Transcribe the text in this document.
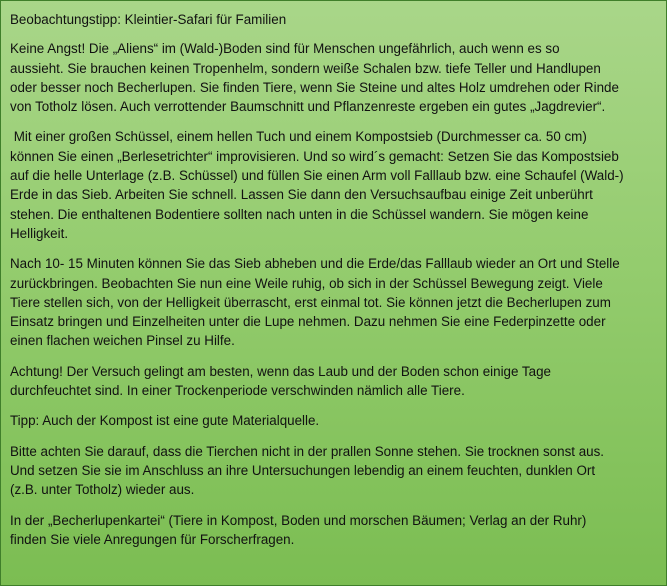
Beobachtungstipp: Kleintier-Safari für Familien
Keine Angst! Die „Aliens“ im (Wald-)Boden sind für Menschen ungefährlich, auch wenn es so
aussieht. Sie brauchen keinen Tropenhelm, sondern weiße Schalen bzw. tiefe Teller und Handlupen
oder besser noch Becherlupen. Sie finden Tiere, wenn Sie Steine und altes Holz umdrehen oder Rinde
von Totholz lösen. Auch verrottender Baumschnitt und Pflanzenreste ergeben ein gutes „Jagdrevier“.
Mit einer großen Schüssel, einem hellen Tuch und einem Kompostsieb (Durchmesser ca. 50 cm)
können Sie einen „Berlesetrichter“ improvisieren. Und so wird´s gemacht: Setzen Sie das Kompostsieb
auf die helle Unterlage (z.B. Schüssel) und füllen Sie einen Arm voll Falllaub bzw. eine Schaufel (Wald-)
Erde in das Sieb. Arbeiten Sie schnell. Lassen Sie dann den Versuchsaufbau einige Zeit unberührt
stehen. Die enthaltenen Bodentiere sollten nach unten in die Schüssel wandern. Sie mögen keine
Helligkeit.
Nach 10- 15 Minuten können Sie das Sieb abheben und die Erde/das Falllaub wieder an Ort und Stelle
zurückbringen. Beobachten Sie nun eine Weile ruhig, ob sich in der Schüssel Bewegung zeigt. Viele
Tiere stellen sich, von der Helligkeit überrascht, erst einmal tot. Sie können jetzt die Becherlupen zum
Einsatz bringen und Einzelheiten unter die Lupe nehmen. Dazu nehmen Sie eine Federpinzette oder
einen flachen weichen Pinsel zu Hilfe.
Achtung! Der Versuch gelingt am besten, wenn das Laub und der Boden schon einige Tage
durchfeuchtet sind. In einer Trockenperiode verschwinden nämlich alle Tiere.
Tipp: Auch der Kompost ist eine gute Materialquelle.
Bitte achten Sie darauf, dass die Tierchen nicht in der prallen Sonne stehen. Sie trocknen sonst aus.
Und setzen Sie sie im Anschluss an ihre Untersuchungen lebendig an einem feuchten, dunklen Ort
(z.B. unter Totholz) wieder aus.
In der „Becherlupenkartei“ (Tiere in Kompost, Boden und morschen Bäumen; Verlag an der Ruhr)
finden Sie viele Anregungen für Forscherfragen.
